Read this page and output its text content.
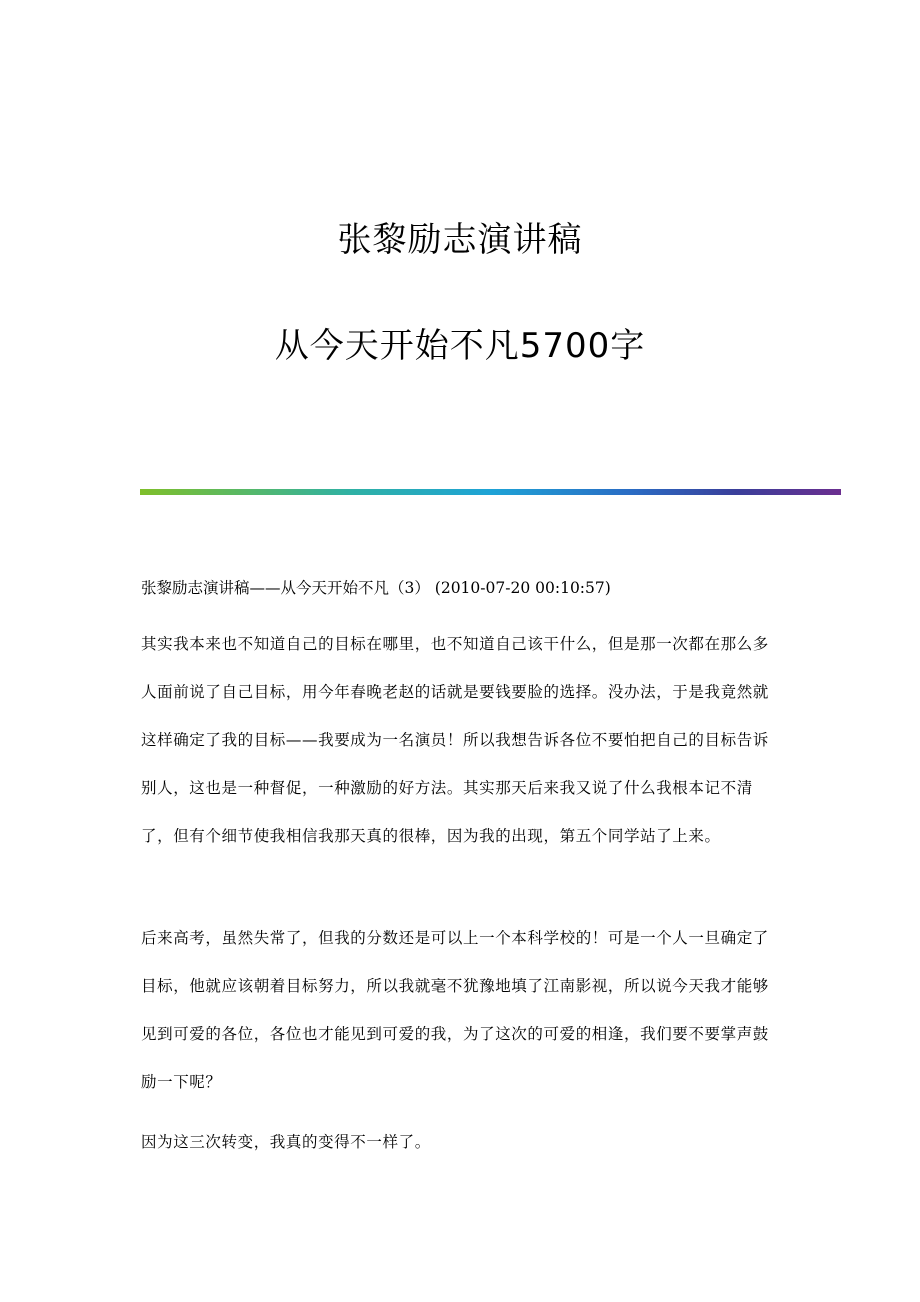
张黎励志演讲稿
从今天开始不凡5700字
张黎励志演讲稿——从今天开始不凡（3） (2010-07-20 00:10:57)

其实我本来也不知道自己的目标在哪里，也不知道自己该干什么，但是那一次都在那么多人面前说了自己目标，用今年春晚老赵的话就是要钱要脸的选择。没办法，于是我竟然就这样确定了我的目标——我要成为一名演员！所以我想告诉各位不要怕把自己的目标告诉别人，这也是一种督促，一种激励的好方法。其实那天后来我又说了什么我根本记不清了，但有个细节使我相信我那天真的很棒，因为我的出现，第五个同学站了上来。

后来高考，虽然失常了，但我的分数还是可以上一个本科学校的！可是一个人一旦确定了目标，他就应该朝着目标努力，所以我就毫不犹豫地填了江南影视，所以说今天我才能够见到可爱的各位，各位也才能见到可爱的我，为了这次的可爱的相逢，我们要不要掌声鼓励一下呢？

因为这三次转变，我真的变得不一样了。
